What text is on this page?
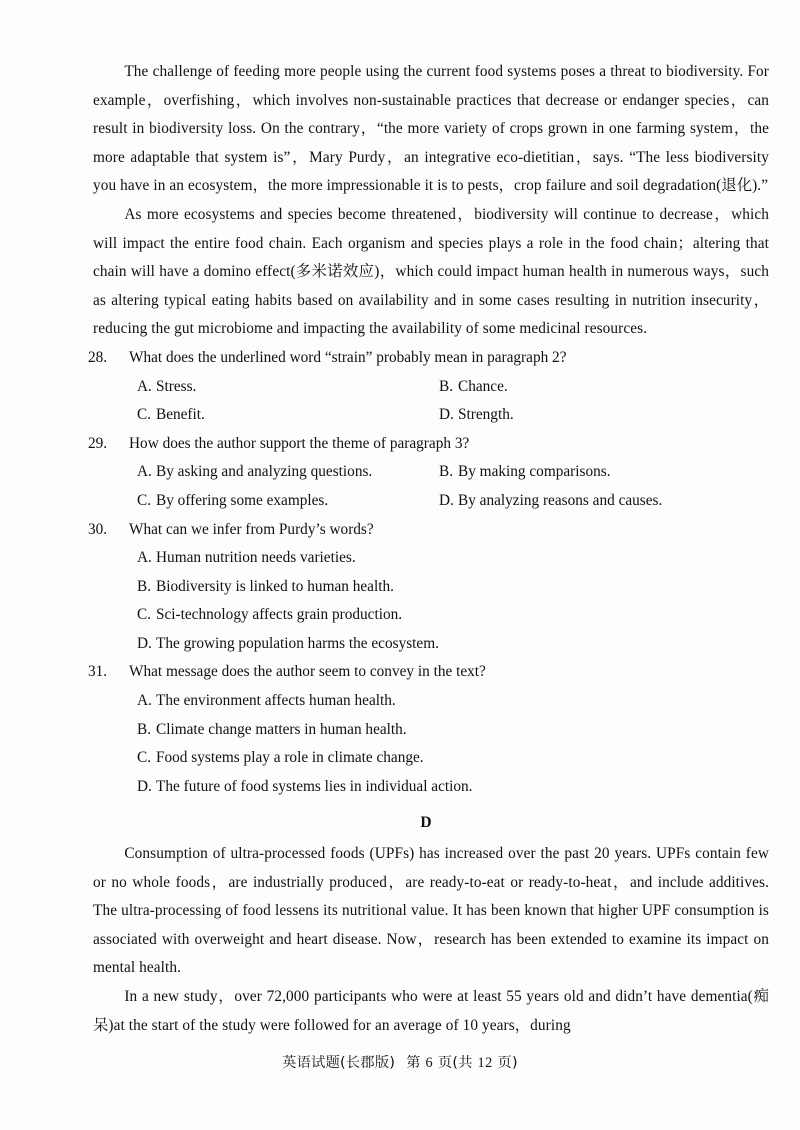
The challenge of feeding more people using the current food systems poses a threat to biodiversity. For example，overfishing，which involves non-sustainable practices that decrease or endanger species，can result in biodiversity loss. On the contrary，“the more variety of crops grown in one farming system，the more adaptable that system is”，Mary Purdy，an integrative eco-dietitian，says. “The less biodiversity you have in an ecosystem，the more impressionable it is to pests，crop failure and soil degradation(退化).”

As more ecosystems and species become threatened，biodiversity will continue to decrease，which will impact the entire food chain. Each organism and species plays a role in the food chain；altering that chain will have a domino effect(多米诺效应)，which could impact human health in numerous ways，such as altering typical eating habits based on availability and in some cases resulting in nutrition insecurity，reducing the gut microbiome and impacting the availability of some medicinal resources.

28. What does the underlined word “strain” probably mean in paragraph 2?
A. Stress.	B. Chance.
C. Benefit.	D. Strength.
29. How does the author support the theme of paragraph 3?
A. By asking and analyzing questions.	B. By making comparisons.
C. By offering some examples.	D. By analyzing reasons and causes.
30. What can we infer from Purdy’s words?
A. Human nutrition needs varieties.
B. Biodiversity is linked to human health.
C. Sci-technology affects grain production.
D. The growing population harms the ecosystem.
31. What message does the author seem to convey in the text?
A. The environment affects human health.
B. Climate change matters in human health.
C. Food systems play a role in climate change.
D. The future of food systems lies in individual action.
D

Consumption of ultra-processed foods (UPFs) has increased over the past 20 years. UPFs contain few or no whole foods，are industrially produced，are ready-to-eat or ready-to-heat，and include additives. The ultra-processing of food lessens its nutritional value. It has been known that higher UPF consumption is associated with overweight and heart disease. Now，research has been extended to examine its impact on mental health.

In a new study，over 72,000 participants who were at least 55 years old and didn’t have dementia(痴呆)at the start of the study were followed for an average of 10 years，during

英语试题(长郡版) 第 6 页(共 12 页)
